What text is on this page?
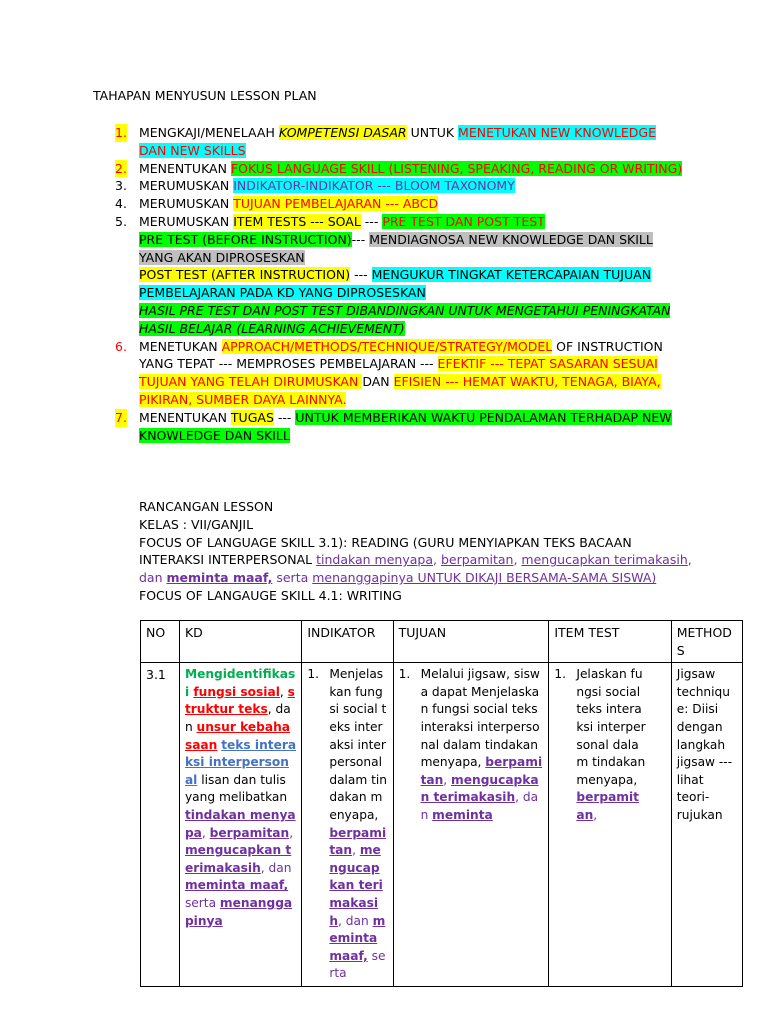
TAHAPAN MENYUSUN LESSON PLAN
1. MENGKAJI/MENELAAH KOMPETENSI DASAR UNTUK MENETUKAN NEW KNOWLEDGE DAN NEW SKILLS
2. MENENTUKAN FOKUS LANGUAGE SKILL (LISTENING, SPEAKING, READING OR WRITING)
3. MERUMUSKAN INDIKATOR-INDIKATOR --- BLOOM TAXONOMY
4. MERUMUSKAN TUJUAN PEMBELAJARAN --- ABCD
5. MERUMUSKAN ITEM TESTS --- SOAL --- PRE TEST DAN POST TEST
PRE TEST (BEFORE INSTRUCTION)--- MENDIAGNOSA NEW KNOWLEDGE DAN SKILL YANG AKAN DIPROSESKAN
POST TEST (AFTER INSTRUCTION) --- MENGUKUR TINGKAT KETERCAPAIAN TUJUAN PEMBELAJARAN PADA KD YANG DIPROSESKAN
HASIL PRE TEST DAN POST TEST DIBANDINGKAN UNTUK MENGETAHUI PENINGKATAN HASIL BELAJAR (LEARNING ACHIEVEMENT)
6. MENETUKAN APPROACH/METHODS/TECHNIQUE/STRATEGY/MODEL OF INSTRUCTION YANG TEPAT --- MEMPROSES PEMBELAJARAN --- EFEKTIF --- TEPAT SASARAN SESUAI TUJUAN YANG TELAH DIRUMUSKAN DAN EFISIEN --- HEMAT WAKTU, TENAGA, BIAYA, PIKIRAN, SUMBER DAYA LAINNYA.
7. MENENTUKAN TUGAS --- UNTUK MEMBERIKAN WAKTU PENDALAMAN TERHADAP NEW KNOWLEDGE DAN SKILL

RANCANGAN LESSON

KELAS : VII/GANJIL

FOCUS OF LANGUAGE SKILL 3.1): READING (GURU MENYIAPKAN TEKS BACAAN INTERAKSI INTERPERSONAL tindakan menyapa, berpamitan, mengucapkan terimakasih, dan meminta maaf, serta menanggapinya UNTUK DIKAJI BERSAMA-SAMA SISWA)

FOCUS OF LANGAUGE SKILL 4.1: WRITING

NO	KD	INDIKATOR	TUJUAN	ITEM TEST	METHODS
3.1	Mengidentifikasi fungsi sosial, struktur teks, dan unsur kebahasaan teks interaksi interpersonal lisan dan tulis yang melibatkan tindakan menyapa, berpamitan, mengucapkan terimakasih, dan meminta maaf, serta menanggapinya	1. Menjelaskan fungsi social teks interaksi interpersonal dalam tindakan menyapa, berpamitan, mengucapkan terimakasih, dan meminta maaf, serta	1. Melalui jigsaw, siswa dapat Menjelaskan fungsi social teks interaksi interpersonal dalam tindakan menyapa, berpamitan, mengucapkan terimakasih, dan meminta	1. Jelaskan fungsi social teks interaksi interpersonal dalam tindakan menyapa, berpamitan,	Jigsaw technique: Diisi dengan langkah jigsaw --- lihat teori-rujukan
